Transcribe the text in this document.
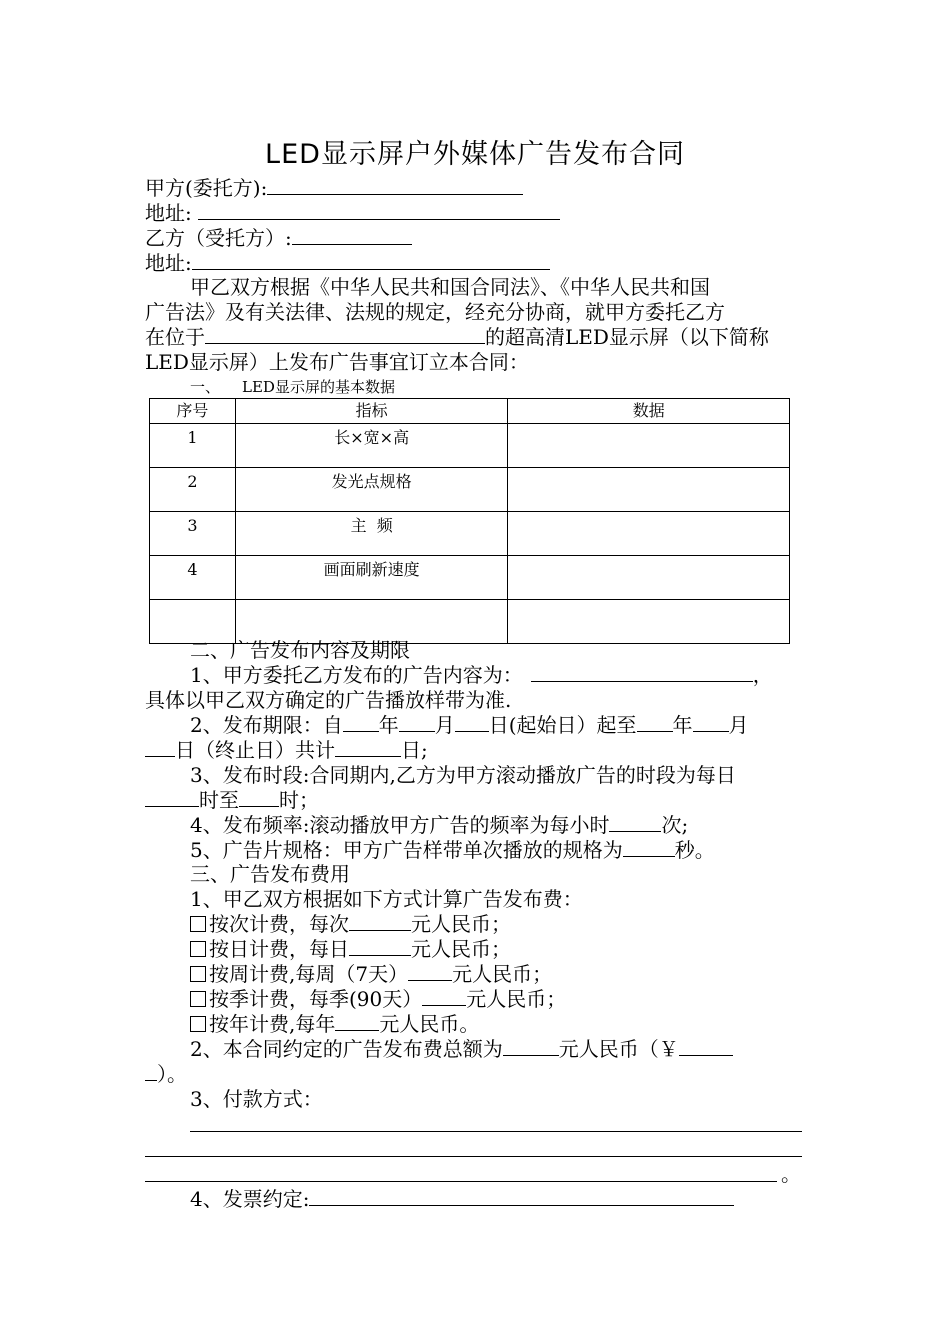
LED显示屏户外媒体广告发布合同
甲方(委托方):
地址:
乙方（受托方）:
地址:
甲乙双方根据《中华人民共和国合同法》、《中华人民共和国
广告法》及有关法律、法规的规定，经充分协商，就甲方委托乙方
在位于	的超高清LED显示屏（以下简称
LED显示屏）上发布广告事宜订立本合同：
一、 LED显示屏的基本数据
序号	指标	数据
1	长×宽×高	
2	发光点规格	
3	主  频	
4	画面刷新速度	

二、广告发布内容及期限
1、甲方委托乙方发布的广告内容为：	，
具体以甲乙双方确定的广告播放样带为准.
2、发布期限：自 年 月 日(起始日）起至 年 月
日（终止日）共计	日;
3、发布时段:合同期内,乙方为甲方滚动播放广告的时段为每日
时至 时；
4、发布频率:滚动播放甲方广告的频率为每小时	次;
5、广告片规格：甲方广告样带单次播放的规格为	秒。
三、广告发布费用
1、甲乙双方根据如下方式计算广告发布费：
按次计费，每次	元人民币；
按日计费，每日	元人民币；
按周计费,每周（7天） 元人民币；
按季计费，每季(90天） 元人民币；
按年计费,每年 元人民币。
2、本合同约定的广告发布费总额为	元人民币（￥
）。
3、付款方式：
。
4、发票约定:
